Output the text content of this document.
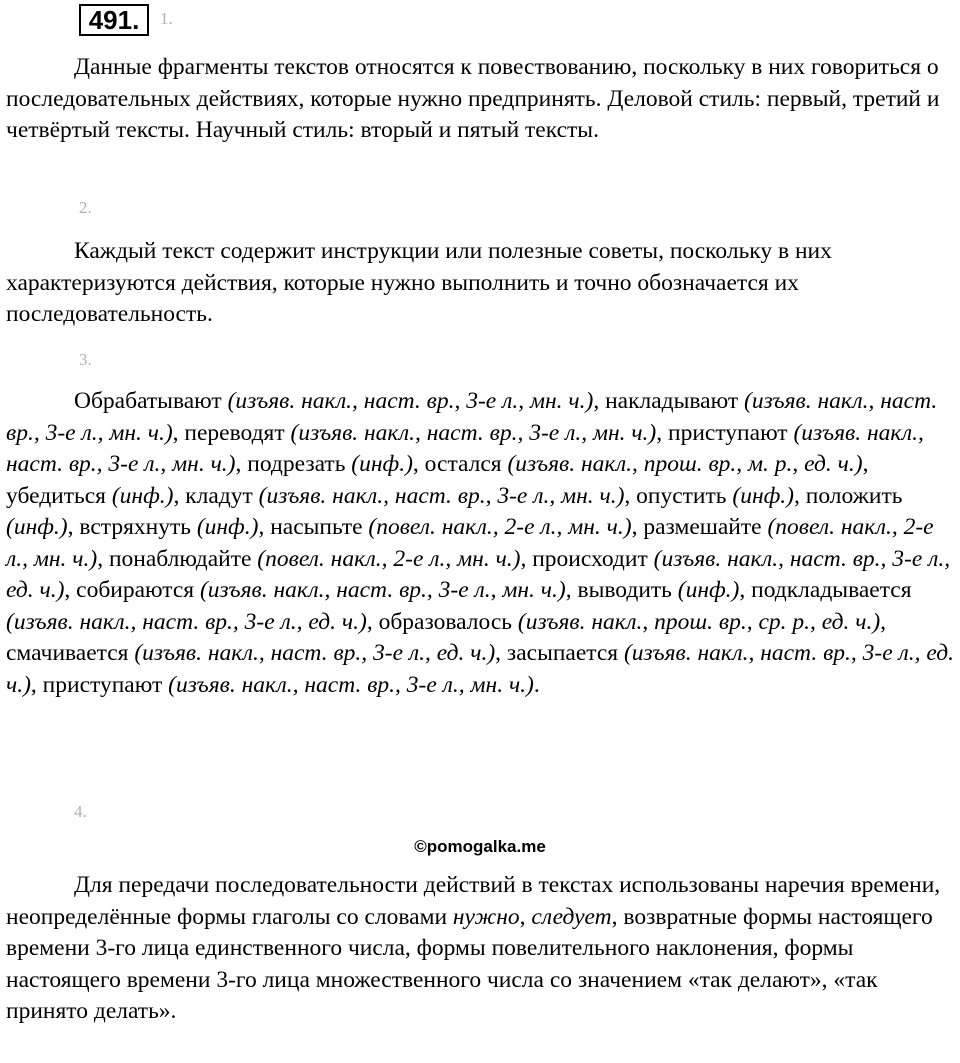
491.	1.

Данные фрагменты текстов относятся к повествованию, поскольку в них говориться о последовательных действиях, которые нужно предпринять. Деловой стиль: первый, третий и четвёртый тексты. Научный стиль: вторый и пятый тексты.

2.

Каждый текст содержит инструкции или полезные советы, поскольку в них характеризуются действия, которые нужно выполнить и точно обозначается их последовательность.

3.

Обрабатывают (изъяв. накл., наст. вр., 3-е л., мн. ч.), накладывают (изъяв. накл., наст. вр., 3-е л., мн. ч.), переводят (изъяв. накл., наст. вр., 3-е л., мн. ч.), приступают (изъяв. накл., наст. вр., 3-е л., мн. ч.), подрезать (инф.), остался (изъяв. накл., прош. вр., м. р., ед. ч.), убедиться (инф.), кладут (изъяв. накл., наст. вр., 3-е л., мн. ч.), опустить (инф.), положить (инф.), встряхнуть (инф.), насыпьте (повел. накл., 2-е л., мн. ч.), размешайте (повел. накл., 2-е л., мн. ч.), понаблюдайте (повел. накл., 2-е л., мн. ч.), происходит (изъяв. накл., наст. вр., 3-е л., ед. ч.), собираются (изъяв. накл., наст. вр., 3-е л., мн. ч.), выводить (инф.), подкладывается (изъяв. накл., наст. вр., 3-е л., ед. ч.), образовалось (изъяв. накл., прош. вр., ср. р., ед. ч.), смачивается (изъяв. накл., наст. вр., 3-е л., ед. ч.), засыпается (изъяв. накл., наст. вр., 3-е л., ед. ч.), приступают (изъяв. накл., наст. вр., 3-е л., мн. ч.).

4.
©pomogalka.me

Для передачи последовательности действий в текстах использованы наречия времени, неопределённые формы глаголы со словами нужно, следует, возвратные формы настоящего времени 3-го лица единственного числа, формы повелительного наклонения, формы настоящего времени 3-го лица множественного числа со значением «так делают», «так принято делать».
